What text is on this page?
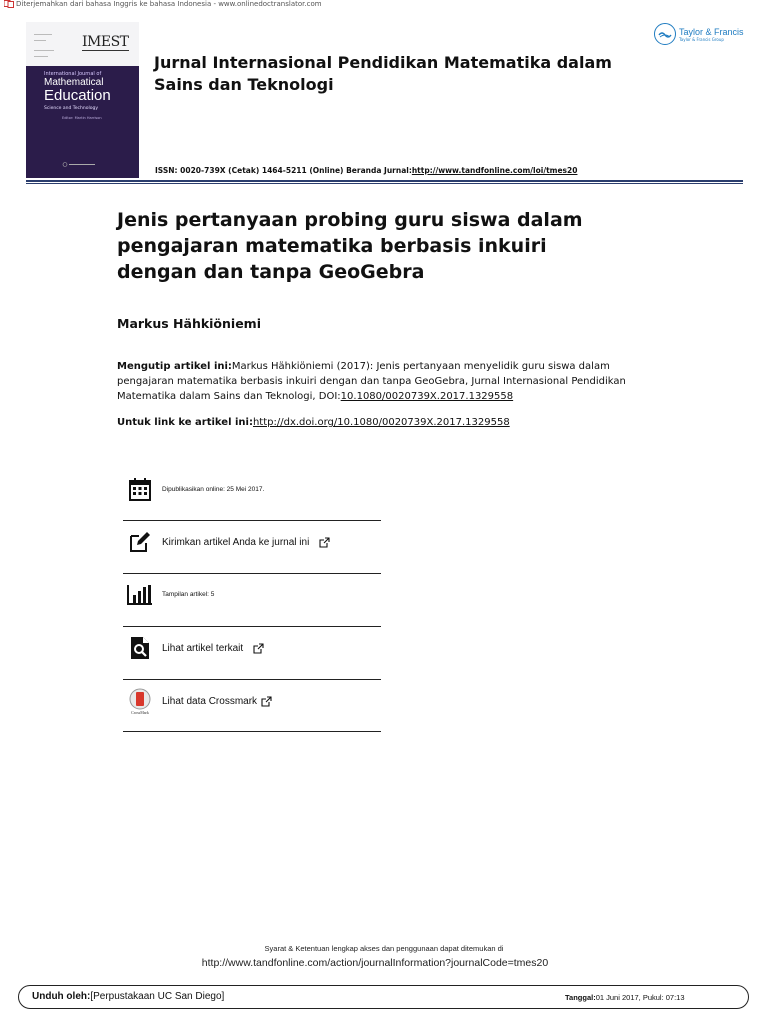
Diterjemahkan dari bahasa Inggris ke bahasa Indonesia - www.onlinedoctranslator.com
IMEST
International Journal of
Mathematical
Education
Science and Technology
Editor: Martin Harrison
Jurnal Internasional Pendidikan Matematika dalam Sains dan Teknologi
Taylor & Francis
Taylor & Francis Group
ISSN: 0020-739X (Cetak) 1464-5211 (Online) Beranda Jurnal:http://www.tandfonline.com/loi/tmes20
Jenis pertanyaan probing guru siswa dalam pengajaran matematika berbasis inkuiri dengan dan tanpa GeoGebra
Markus Hähkiöniemi
Mengutip artikel ini:Markus Hähkiöniemi (2017): Jenis pertanyaan menyelidik guru siswa dalam pengajaran matematika berbasis inkuiri dengan dan tanpa GeoGebra, Jurnal Internasional Pendidikan Matematika dalam Sains dan Teknologi, DOI:10.1080/0020739X.2017.1329558
Untuk link ke artikel ini:http://dx.doi.org/10.1080/0020739X.2017.1329558
Dipublikasikan online: 25 Mei 2017.
Kirimkan artikel Anda ke jurnal ini
Tampilan artikel: 5
Lihat artikel terkait
CrossMark
Lihat data Crossmark
Syarat & Ketentuan lengkap akses dan penggunaan dapat ditemukan di
http://www.tandfonline.com/action/journalInformation?journalCode=tmes20
Unduh oleh:[Perpustakaan UC San Diego]	Tanggal:01 Juni 2017, Pukul: 07:13
